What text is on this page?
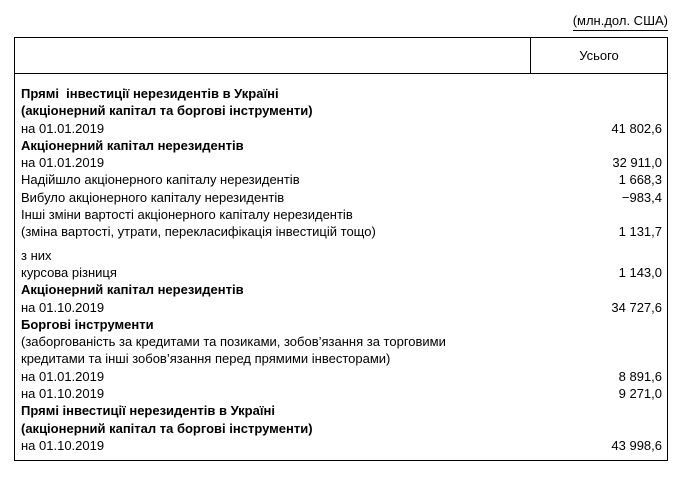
(млн.дол. США)
Усього
Прямі  інвестиції нерезидентів в Україні
(акціонерний капітал та боргові інструменти)
на 01.01.2019	41 802,6
Акціонерний капітал нерезидентів
на 01.01.2019	32 911,0
Надійшло акціонерного капіталу нерезидентів	1 668,3
Вибуло акціонерного капіталу нерезидентів	−983,4
Інші зміни вартості акціонерного капіталу нерезидентів
(зміна вартості, утрати, перекласифікація інвестицій тощо)	1 131,7
з них
курсова різниця	1 143,0
Акціонерний капітал нерезидентів
на 01.10.2019	34 727,6
Боргові інструменти
(заборгованість за кредитами та позиками, зобов’язання за торговими
кредитами та інші зобов’язання перед прямими інвесторами)
на 01.01.2019	8 891,6
на 01.10.2019	9 271,0
Прямі інвестиції нерезидентів в Україні
(акціонерний капітал та боргові інструменти)
на 01.10.2019	43 998,6
